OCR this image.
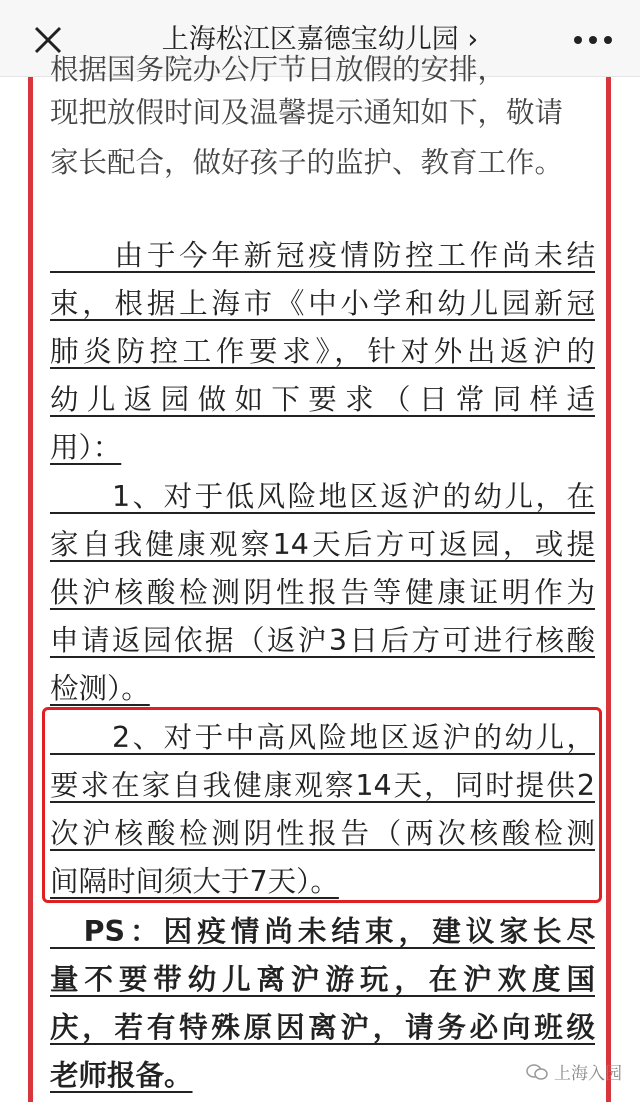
上海松江区嘉德宝幼儿园 ›
根据国务院办公厅节日放假的安排，
现把放假时间及温馨提示通知如下，敬请
家长配合，做好孩子的监护、教育工作。
　　由于今年新冠疫情防控工作尚未结
束，根据上海市《中小学和幼儿园新冠
肺炎防控工作要求》，针对外出返沪的
幼儿返园做如下要求（日常同样适
用）：
　　1、对于低风险地区返沪的幼儿，在
家自我健康观察14天后方可返园，或提
供沪核酸检测阴性报告等健康证明作为
申请返园依据（返沪3日后方可进行核酸
检测）。
　　2、对于中高风险地区返沪的幼儿，
要求在家自我健康观察14天，同时提供2
次沪核酸检测阴性报告（两次核酸检测
间隔时间须大于7天）。
　PS：因疫情尚未结束，建议家长尽
量不要带幼儿离沪游玩，在沪欢度国
庆，若有特殊原因离沪，请务必向班级
老师报备。	上海入园
